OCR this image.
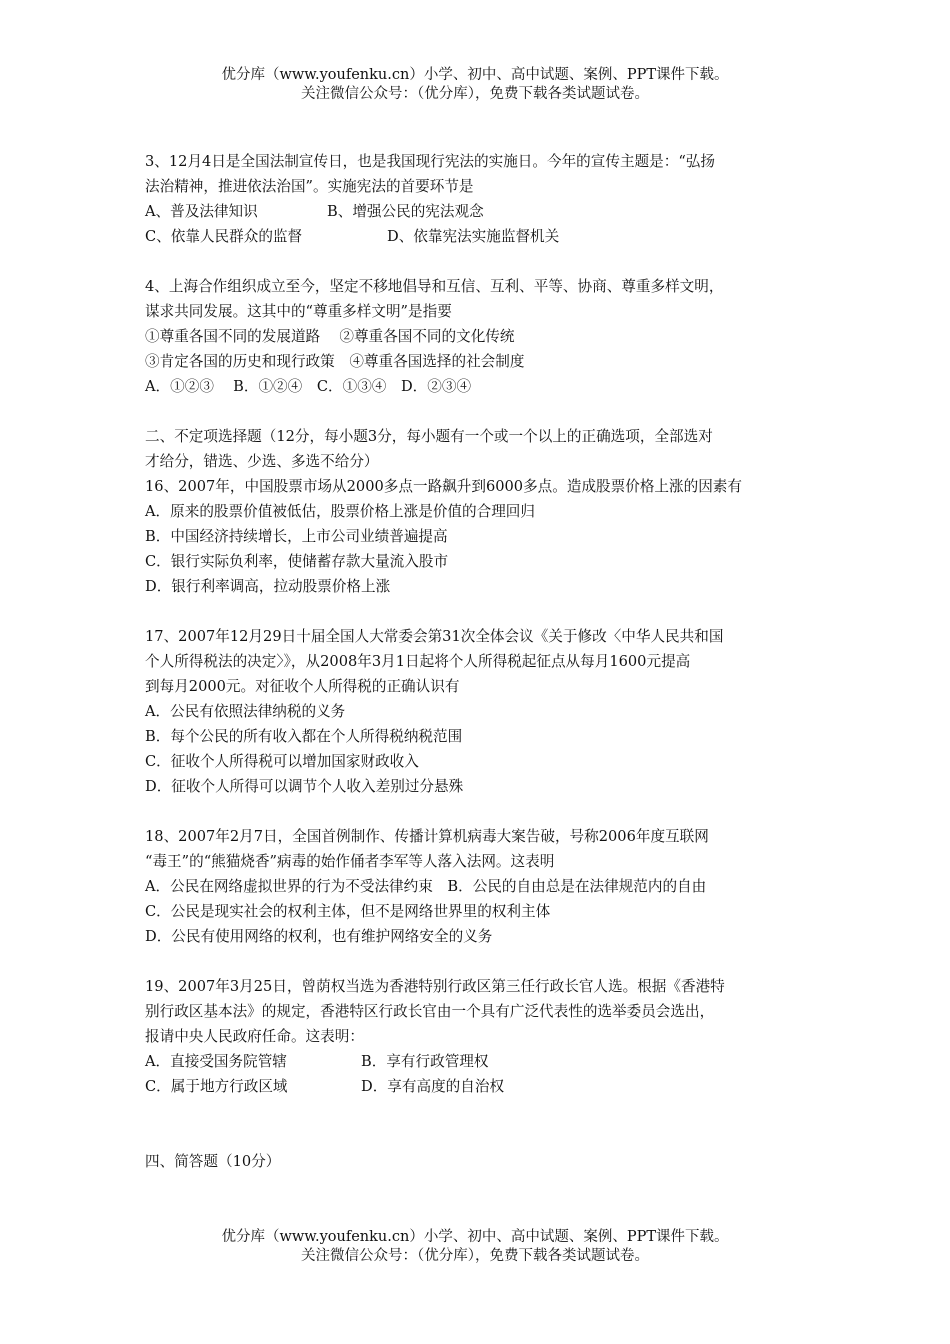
优分库（www.youfenku.cn）小学、初中、高中试题、案例、PPT课件下载。
关注微信公众号：（优分库），免费下载各类试题试卷。
3、12月4日是全国法制宣传日，也是我国现行宪法的实施日。今年的宣传主题是：“弘扬
法治精神，推进依法治国”。实施宪法的首要环节是
A、普及法律知识	B、增强公民的宪法观念
C、依靠人民群众的监督	D、依靠宪法实施监督机关
4、上海合作组织成立至今，坚定不移地倡导和互信、互利、平等、协商、尊重多样文明，
谋求共同发展。这其中的“尊重多样文明”是指要
①尊重各国不同的发展道路　 ②尊重各国不同的文化传统
③肯定各国的历史和现行政策　④尊重各国选择的社会制度
A．①②③　 B．①②④　C．①③④　D．②③④
二、不定项选择题（12分，每小题3分，每小题有一个或一个以上的正确选项，全部选对
才给分，错选、少选、多选不给分）
16、2007年，中国股票市场从2000多点一路飙升到6000多点。造成股票价格上涨的因素有
A．原来的股票价值被低估，股票价格上涨是价值的合理回归
B．中国经济持续增长，上市公司业绩普遍提高
C．银行实际负利率，使储蓄存款大量流入股市
D．银行利率调高，拉动股票价格上涨
17、2007年12月29日十届全国人大常委会第31次全体会议《关于修改〈中华人民共和国
个人所得税法的决定〉》，从2008年3月1日起将个人所得税起征点从每月1600元提高
到每月2000元。对征收个人所得税的正确认识有
A．公民有依照法律纳税的义务
B．每个公民的所有收入都在个人所得税纳税范围
C．征收个人所得税可以增加国家财政收入
D．征收个人所得可以调节个人收入差别过分悬殊
18、2007年2月7日，全国首例制作、传播计算机病毒大案告破，号称2006年度互联网
“毒王”的“熊猫烧香”病毒的始作俑者李军等人落入法网。这表明
A．公民在网络虚拟世界的行为不受法律约束　B．公民的自由总是在法律规范内的自由
C．公民是现实社会的权利主体，但不是网络世界里的权利主体
D．公民有使用网络的权利，也有维护网络安全的义务
19、2007年3月25日，曾荫权当选为香港特别行政区第三任行政长官人选。根据《香港特
别行政区基本法》的规定，香港特区行政长官由一个具有广泛代表性的选举委员会选出，
报请中央人民政府任命。这表明：
A．直接受国务院管辖	B．享有行政管理权
C．属于地方行政区域	D．享有高度的自治权
四、简答题（10分）
优分库（www.youfenku.cn）小学、初中、高中试题、案例、PPT课件下载。
关注微信公众号：（优分库），免费下载各类试题试卷。
